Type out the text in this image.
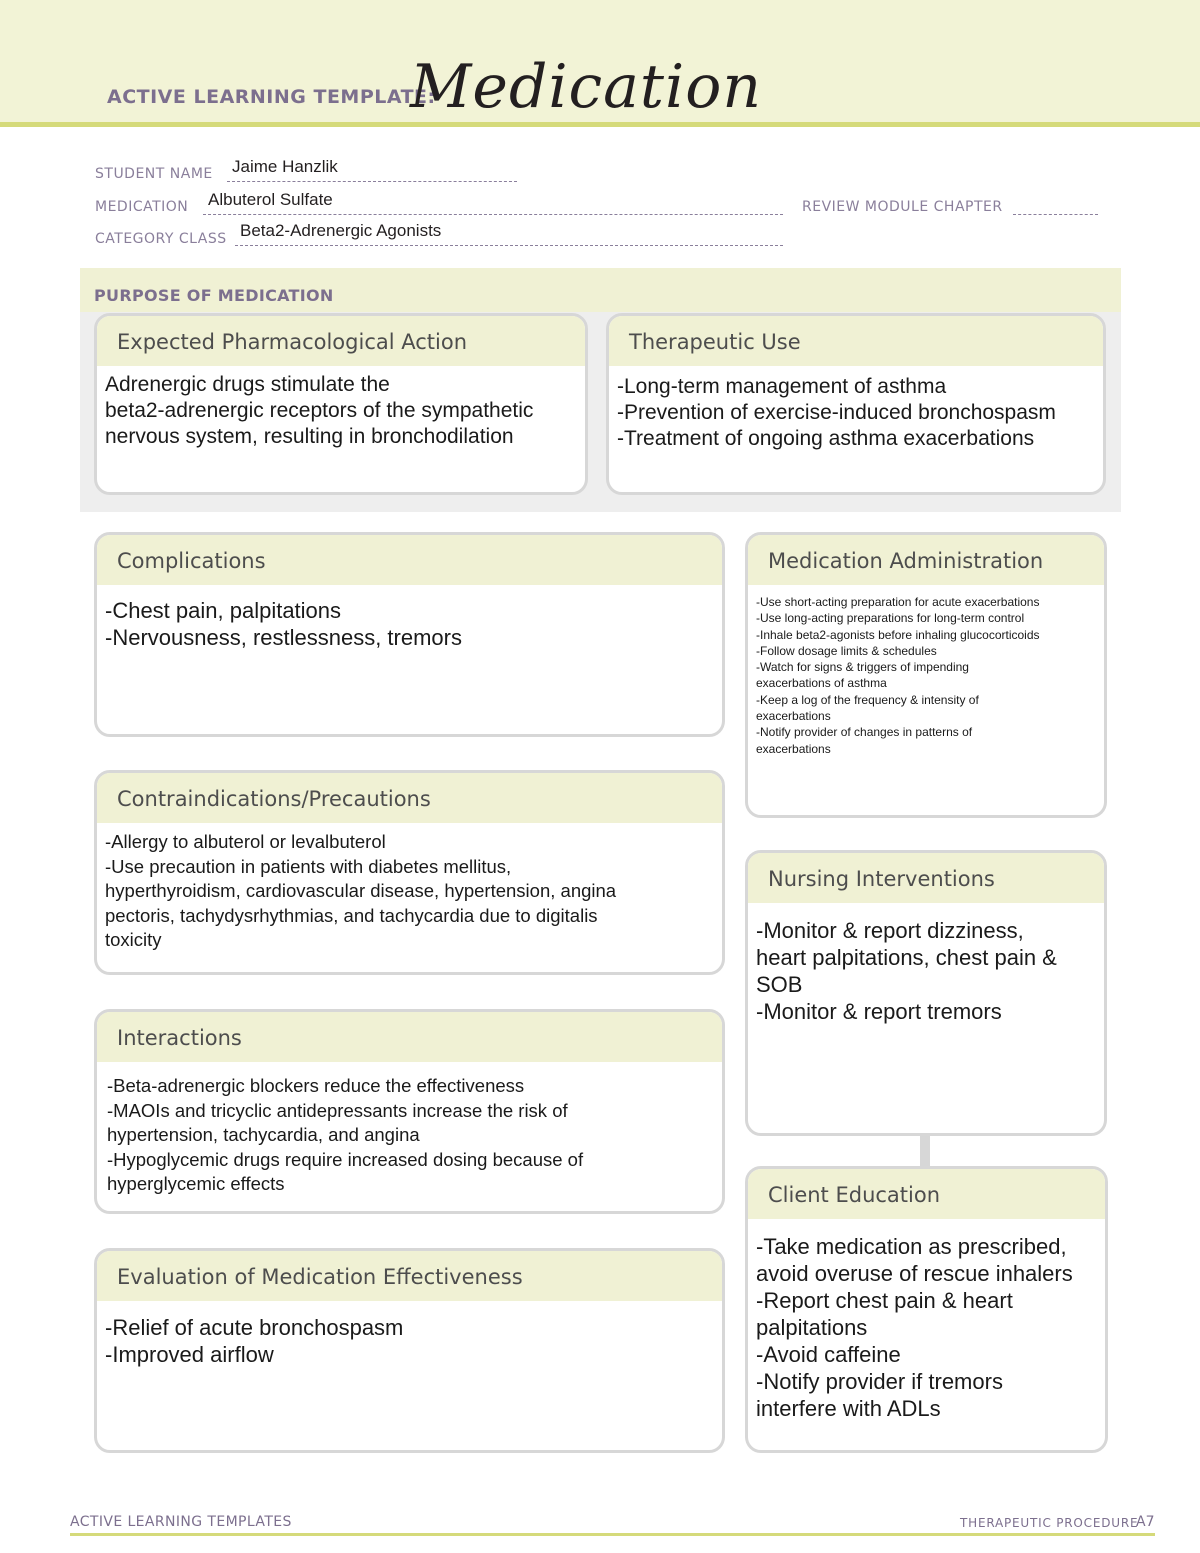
ACTIVE LEARNING TEMPLATE:
Medication
STUDENT NAME Jaime Hanzlik
MEDICATION Albuterol Sulfate	REVIEW MODULE CHAPTER
CATEGORY CLASS Beta2-Adrenergic Agonists
PURPOSE OF MEDICATION
Expected Pharmacological Action
Adrenergic drugs stimulate the
beta2-adrenergic receptors of the sympathetic
nervous system, resulting in bronchodilation
Therapeutic Use
-Long-term management of asthma
-Prevention of exercise-induced bronchospasm
-Treatment of ongoing asthma exacerbations
Complications
-Chest pain, palpitations
-Nervousness, restlessness, tremors
Medication Administration
-Use short-acting preparation for acute exacerbations
-Use long-acting preparations for long-term control
-Inhale beta2-agonists before inhaling glucocorticoids
-Follow dosage limits & schedules
-Watch for signs & triggers of impending
exacerbations of asthma
-Keep a log of the frequency & intensity of
exacerbations
-Notify provider of changes in patterns of
exacerbations
Contraindications/Precautions
-Allergy to albuterol or levalbuterol
-Use precaution in patients with diabetes mellitus,
hyperthyroidism, cardiovascular disease, hypertension, angina
pectoris, tachydysrhythmias, and tachycardia due to digitalis
toxicity
Nursing Interventions
-Monitor & report dizziness,
heart palpitations, chest pain &
SOB
-Monitor & report tremors
Interactions
-Beta-adrenergic blockers reduce the effectiveness
-MAOIs and tricyclic antidepressants increase the risk of
hypertension, tachycardia, and angina
-Hypoglycemic drugs require increased dosing because of
hyperglycemic effects	Client Education
-Take medication as prescribed,
avoid overuse of rescue inhalers
-Report chest pain & heart
palpitations
-Avoid caffeine
-Notify provider if tremors
interfere with ADLs
Evaluation of Medication Effectiveness
-Relief of acute bronchospasm
-Improved airflow
ACTIVE LEARNING TEMPLATES	THERAPEUTIC PROCEDURE
A7
